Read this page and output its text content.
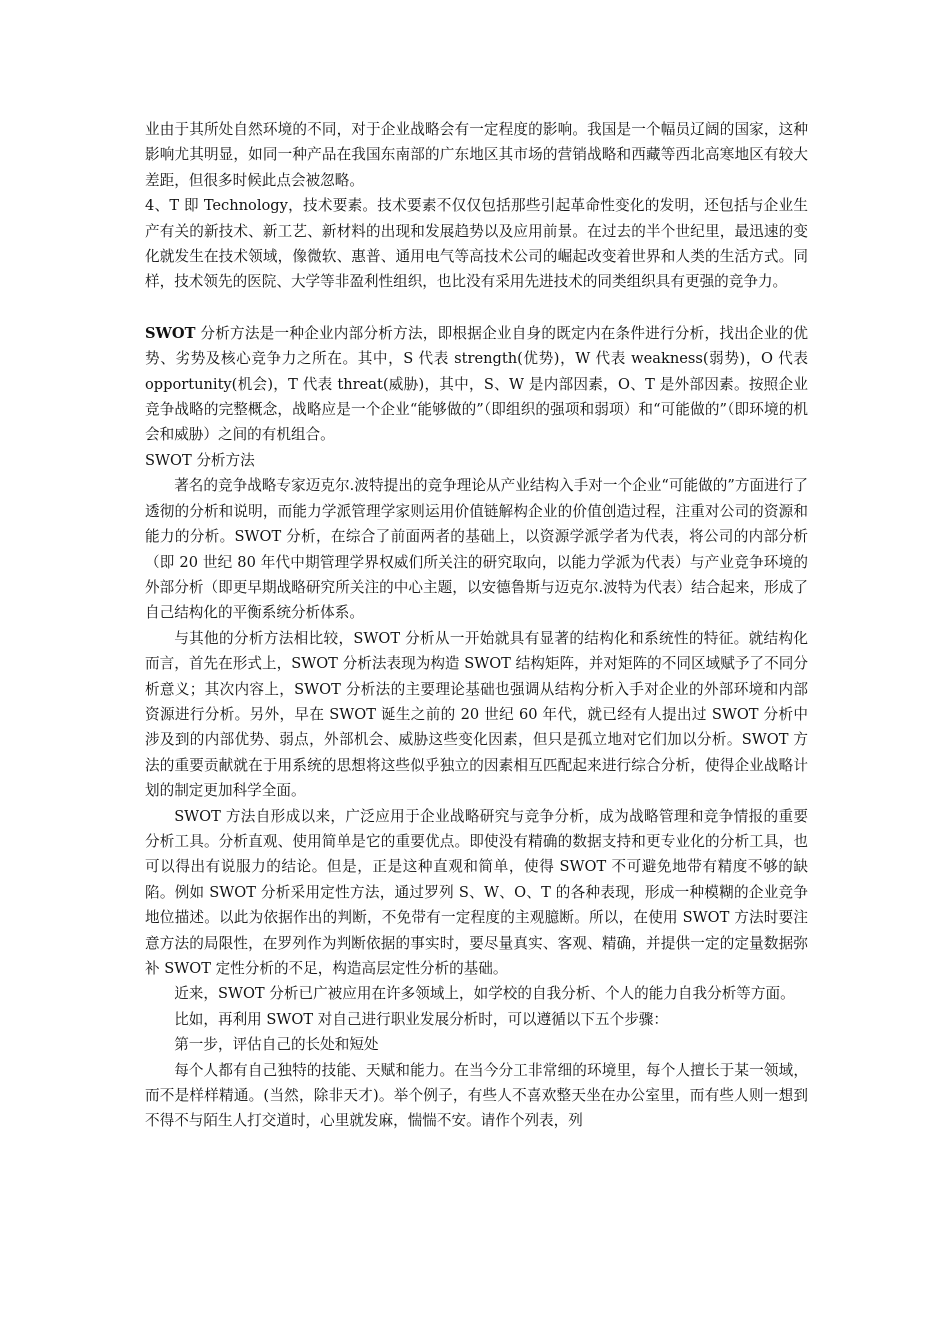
业由于其所处自然环境的不同，对于企业战略会有一定程度的影响。我国是一个幅员辽阔的国家，这种影响尤其明显，如同一种产品在我国东南部的广东地区其市场的营销战略和西藏等西北高寒地区有较大差距，但很多时候此点会被忽略。

4、T 即 Technology，技术要素。技术要素不仅仅包括那些引起革命性变化的发明，还包括与企业生产有关的新技术、新工艺、新材料的出现和发展趋势以及应用前景。在过去的半个世纪里，最迅速的变化就发生在技术领域，像微软、惠普、通用电气等高技术公司的崛起改变着世界和人类的生活方式。同样，技术领先的医院、大学等非盈利性组织，也比没有采用先进技术的同类组织具有更强的竞争力。

SWOT 分析方法是一种企业内部分析方法，即根据企业自身的既定内在条件进行分析，找出企业的优势、劣势及核心竞争力之所在。其中，S 代表 strength(优势)，W 代表 weakness(弱势)，O 代表 opportunity(机会)，T 代表 threat(威胁)，其中，S、W 是内部因素，O、T 是外部因素。按照企业竞争战略的完整概念，战略应是一个企业“能够做的”（即组织的强项和弱项）和“可能做的”（即环境的机会和威胁）之间的有机组合。

SWOT 分析方法

著名的竞争战略专家迈克尔.波特提出的竞争理论从产业结构入手对一个企业“可能做的”方面进行了透彻的分析和说明，而能力学派管理学家则运用价值链解构企业的价值创造过程，注重对公司的资源和能力的分析。SWOT 分析，在综合了前面两者的基础上，以资源学派学者为代表，将公司的内部分析（即 20 世纪 80 年代中期管理学界权威们所关注的研究取向，以能力学派为代表）与产业竞争环境的外部分析（即更早期战略研究所关注的中心主题，以安德鲁斯与迈克尔.波特为代表）结合起来，形成了自己结构化的平衡系统分析体系。

与其他的分析方法相比较，SWOT 分析从一开始就具有显著的结构化和系统性的特征。就结构化而言，首先在形式上，SWOT 分析法表现为构造 SWOT 结构矩阵，并对矩阵的不同区域赋予了不同分析意义；其次内容上，SWOT 分析法的主要理论基础也强调从结构分析入手对企业的外部环境和内部资源进行分析。另外，早在 SWOT 诞生之前的 20 世纪 60 年代，就已经有人提出过 SWOT 分析中涉及到的内部优势、弱点，外部机会、威胁这些变化因素，但只是孤立地对它们加以分析。SWOT 方法的重要贡献就在于用系统的思想将这些似乎独立的因素相互匹配起来进行综合分析，使得企业战略计划的制定更加科学全面。

SWOT 方法自形成以来，广泛应用于企业战略研究与竞争分析，成为战略管理和竞争情报的重要分析工具。分析直观、使用简单是它的重要优点。即使没有精确的数据支持和更专业化的分析工具，也可以得出有说服力的结论。但是，正是这种直观和简单，使得 SWOT 不可避免地带有精度不够的缺陷。例如 SWOT 分析采用定性方法，通过罗列 S、W、O、T 的各种表现，形成一种模糊的企业竞争地位描述。以此为依据作出的判断，不免带有一定程度的主观臆断。所以，在使用 SWOT 方法时要注意方法的局限性，在罗列作为判断依据的事实时，要尽量真实、客观、精确，并提供一定的定量数据弥补 SWOT 定性分析的不足，构造高层定性分析的基础。

近来，SWOT 分析已广被应用在许多领域上，如学校的自我分析、个人的能力自我分析等方面。

比如，再利用 SWOT 对自己进行职业发展分析时，可以遵循以下五个步骤：

第一步，评估自己的长处和短处

每个人都有自己独特的技能、天赋和能力。在当今分工非常细的环境里，每个人擅长于某一领域，而不是样样精通。(当然，除非天才)。举个例子，有些人不喜欢整天坐在办公室里，而有些人则一想到不得不与陌生人打交道时，心里就发麻，惴惴不安。请作个列表，列
